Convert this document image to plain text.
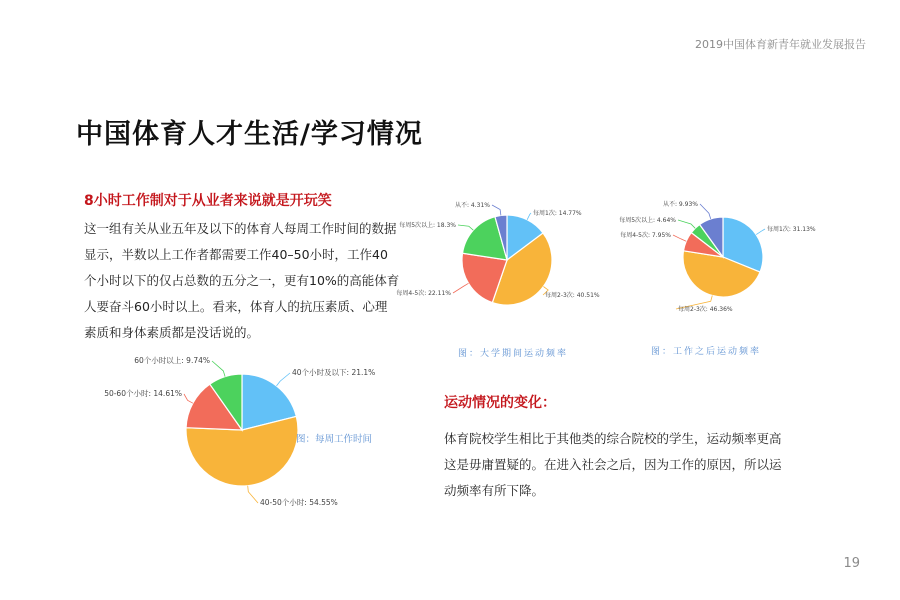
2019中国体育新青年就业发展报告
中国体育人才生活/学习情况
8小时工作制对于从业者来说就是开玩笑
这一组有关从业五年及以下的体育人每周工作时间的数据
显示，半数以上工作者都需要工作40–50小时，工作40
个小时以下的仅占总数的五分之一，更有10%的高能体育
人要奋斗60小时以上。看来，体育人的抗压素质、心理
素质和身体素质都是没话说的。
运动情况的变化：
体育院校学生相比于其他类的综合院校的学生，运动频率更高
这是毋庸置疑的。在进入社会之后，因为工作的原因，所以运
动频率有所下降。
每周1次: 14.77%
每周2-3次: 40.51%
每周4-5次: 22.11%
每周5次以上: 18.3%
从不: 4.31%
图：大学期间运动频率
每周1次: 31.13%
每周2-3次: 46.36%
每周4-5次: 7.95%
每周5次以上: 4.64%
从不: 9.93%
图：工作之后运动频率
40个小时及以下: 21.1%
40-50个小时: 54.55%
50-60个小时: 14.61%
60个小时以上: 9.74%
图：每周工作时间
19
